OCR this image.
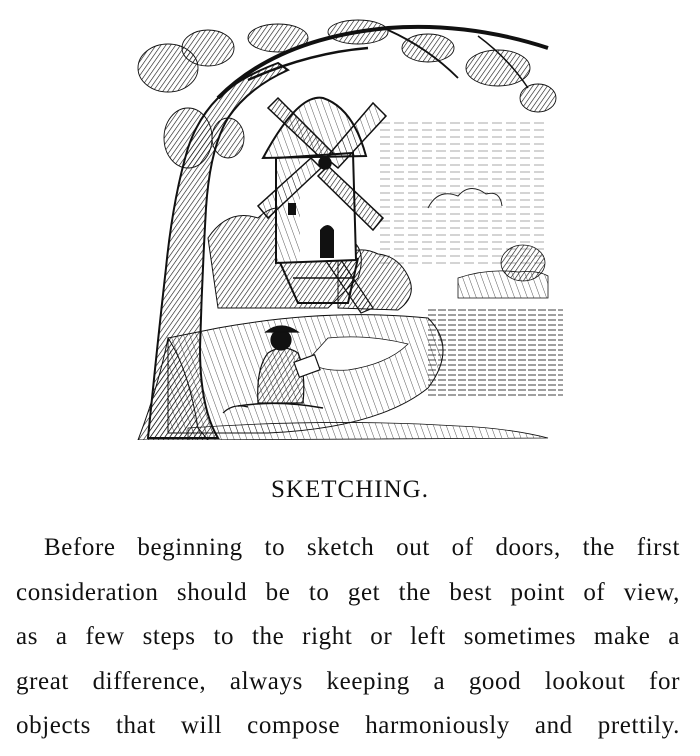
SKETCHING.
Before beginning to sketch out of doors, the first
consideration should be to get the best point of view,
as a few steps to the right or left sometimes make a
great difference, always keeping a good lookout for
objects that will compose harmoniously and prettily.
